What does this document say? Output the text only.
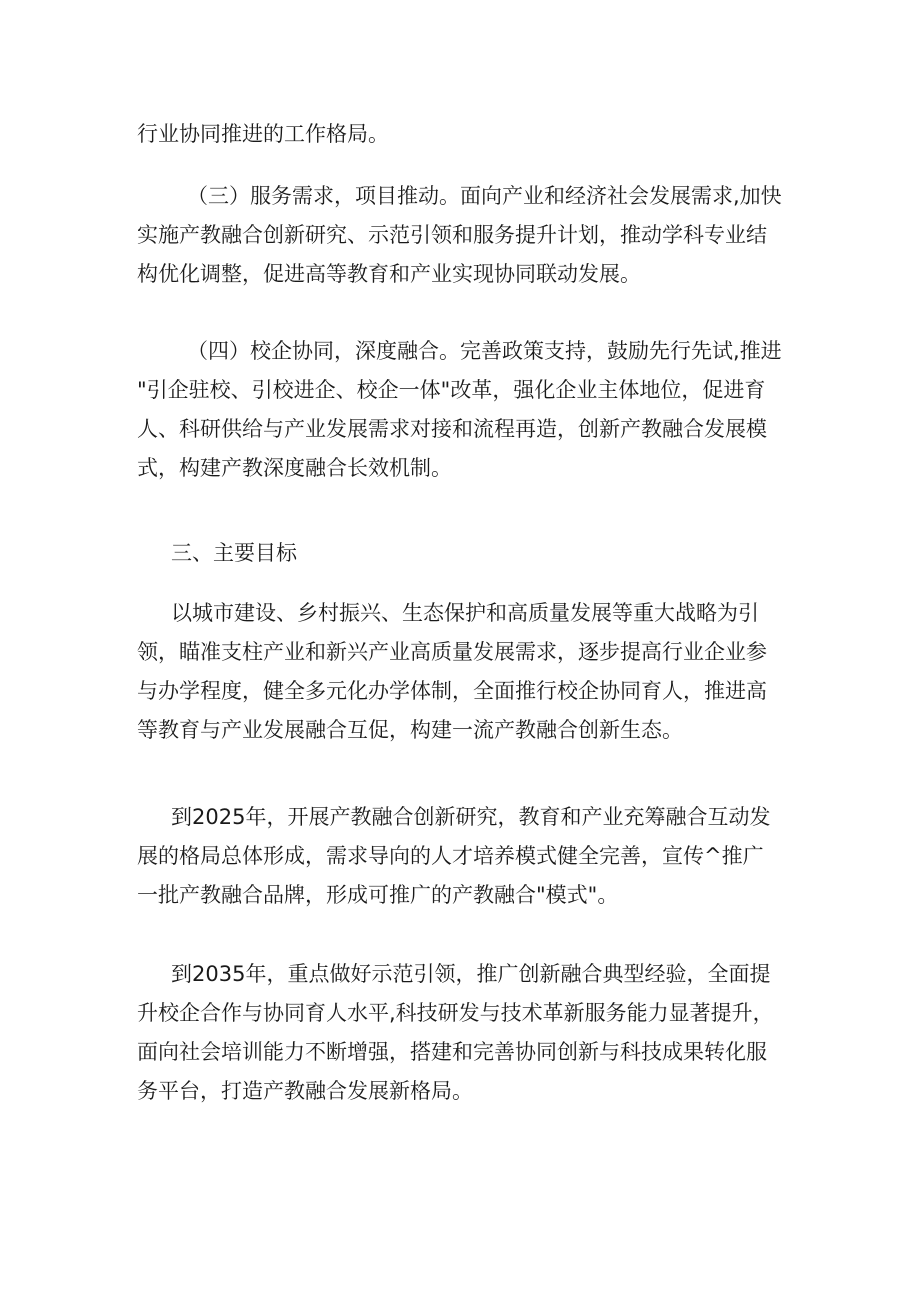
行业协同推进的工作格局。
（三）服务需求，项目推动。面向产业和经济社会发展需求,加快
实施产教融合创新研究、示范引领和服务提升计划，推动学科专业结
构优化调整，促进高等教育和产业实现协同联动发展。
（四）校企协同，深度融合。完善政策支持，鼓励先行先试,推进
"引企驻校、引校进企、校企一体"改革，强化企业主体地位，促进育
人、科研供给与产业发展需求对接和流程再造，创新产教融合发展模
式，构建产教深度融合长效机制。
三、主要目标
以城市建设、乡村振兴、生态保护和高质量发展等重大战略为引
领，瞄准支柱产业和新兴产业高质量发展需求，逐步提高行业企业参
与办学程度，健全多元化办学体制，全面推行校企协同育人，推进高
等教育与产业发展融合互促，构建一流产教融合创新生态。
到2025年，开展产教融合创新研究，教育和产业充筹融合互动发
展的格局总体形成，需求导向的人才培养模式健全完善，宣传^推广
一批产教融合品牌，形成可推广的产教融合"模式"。
到2035年，重点做好示范引领，推广创新融合典型经验，全面提
升校企合作与协同育人水平,科技研发与技术革新服务能力显著提升，
面向社会培训能力不断增强，搭建和完善协同创新与科技成果转化服
务平台，打造产教融合发展新格局。
